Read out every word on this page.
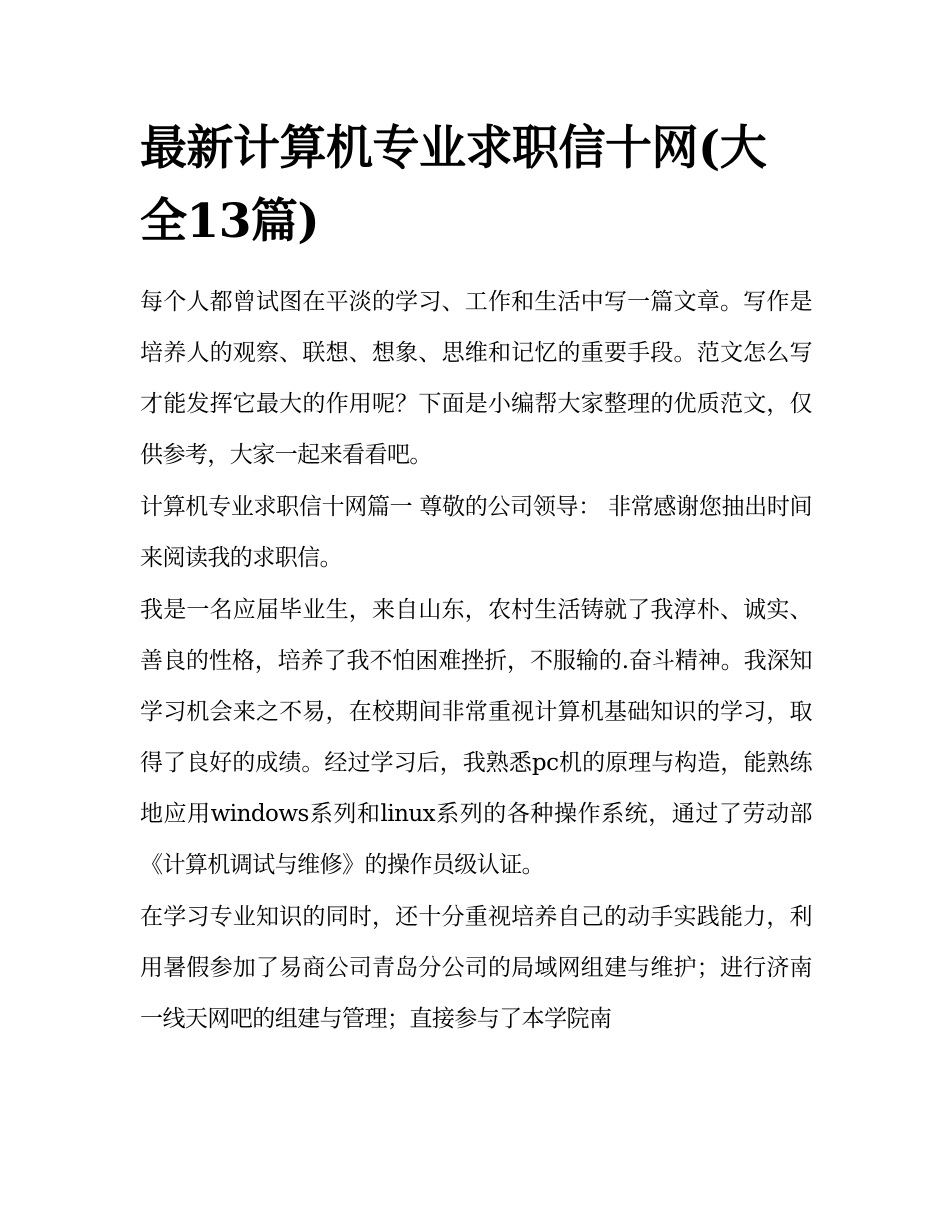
最新计算机专业求职信十网(大全13篇)

每个人都曾试图在平淡的学习、工作和生活中写一篇文章。写作是培养人的观察、联想、想象、思维和记忆的重要手段。范文怎么写才能发挥它最大的作用呢？下面是小编帮大家整理的优质范文，仅供参考，大家一起来看看吧。

计算机专业求职信十网篇一 尊敬的公司领导： 非常感谢您抽出时间来阅读我的求职信。

我是一名应届毕业生，来自山东，农村生活铸就了我淳朴、诚实、善良的性格，培养了我不怕困难挫折，不服输的.奋斗精神。我深知学习机会来之不易，在校期间非常重视计算机基础知识的学习，取得了良好的成绩。经过学习后，我熟悉pc机的原理与构造，能熟练地应用windows系列和linux系列的各种操作系统，通过了劳动部《计算机调试与维修》的操作员级认证。

在学习专业知识的同时，还十分重视培养自己的动手实践能力，利用暑假参加了易商公司青岛分公司的局域网组建与维护；进行济南一线天网吧的组建与管理；直接参与了本学院南
